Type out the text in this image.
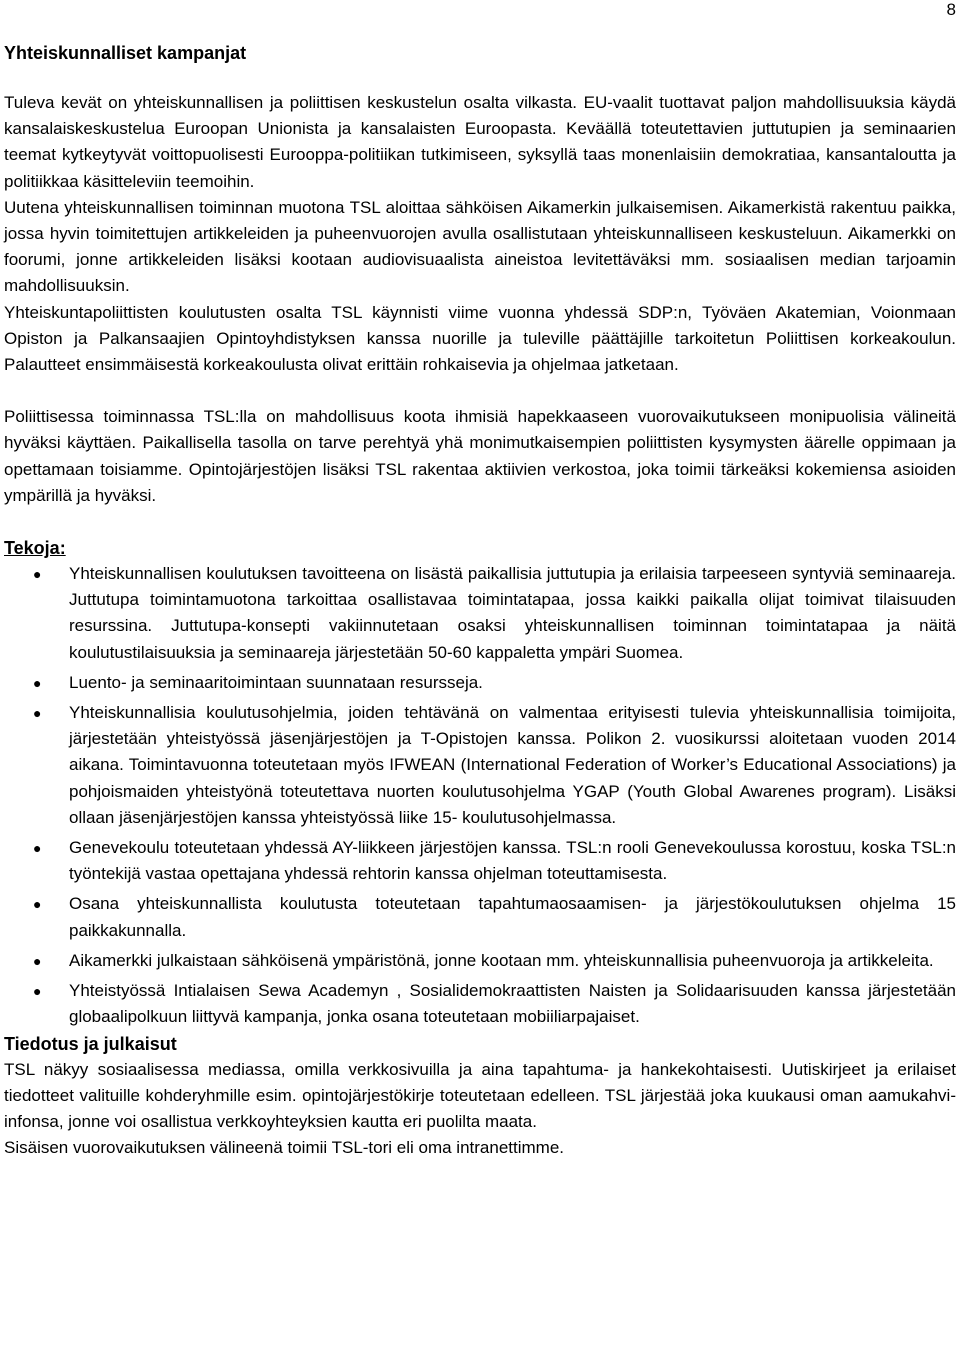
8
Yhteiskunnalliset kampanjat

Tuleva kevät on yhteiskunnallisen ja poliittisen keskustelun osalta vilkasta. EU-vaalit tuottavat paljon mahdollisuuksia käydä kansalaiskeskustelua Euroopan Unionista ja kansalaisten Euroopasta. Keväällä toteutettavien juttutupien ja seminaarien teemat kytkeytyvät voittopuolisesti Eurooppa-politiikan tutkimiseen, syksyllä taas monenlaisiin demokratiaa, kansantaloutta ja politiikkaa käsitteleviin teemoihin.

Uutena yhteiskunnallisen toiminnan muotona TSL aloittaa sähköisen Aikamerkin julkaisemisen. Aikamerkistä rakentuu paikka, jossa hyvin toimitettujen artikkeleiden ja puheenvuorojen avulla osallistutaan yhteiskunnalliseen keskusteluun. Aikamerkki on foorumi, jonne artikkeleiden lisäksi kootaan audiovisuaalista aineistoa levitettäväksi mm. sosiaalisen median tarjoamin mahdollisuuksin.

Yhteiskuntapoliittisten koulutusten osalta TSL käynnisti viime vuonna yhdessä SDP:n, Työväen Akatemian, Voionmaan Opiston ja Palkansaajien Opintoyhdistyksen kanssa nuorille ja tuleville päättäjille tarkoitetun Poliittisen korkeakoulun. Palautteet ensimmäisestä korkeakoulusta olivat erittäin rohkaisevia ja ohjelmaa jatketaan.

Poliittisessa toiminnassa TSL:lla on mahdollisuus koota ihmisiä hapekkaaseen vuorovaikutukseen monipuolisia välineitä hyväksi käyttäen. Paikallisella tasolla on tarve perehtyä yhä monimutkaisempien poliittisten kysymysten äärelle oppimaan ja opettamaan toisiamme. Opintojärjestöjen lisäksi TSL rakentaa aktiivien verkostoa, joka toimii tärkeäksi kokemiensa asioiden ympärillä ja hyväksi.

Tekoja:
● Yhteiskunnallisen koulutuksen tavoitteena on lisästä paikallisia juttutupia ja erilaisia tarpeeseen syntyviä seminaareja. Juttutupa toimintamuotona tarkoittaa osallistavaa toimintatapaa, jossa kaikki paikalla olijat toimivat tilaisuuden resurssina. Juttutupa-konsepti vakiinnutetaan osaksi yhteiskunnallisen toiminnan toimintatapaa ja näitä koulutustilaisuuksia ja seminaareja järjestetään 50-60 kappaletta ympäri Suomea.
● Luento- ja seminaaritoimintaan suunnataan resursseja.
● Yhteiskunnallisia koulutusohjelmia, joiden tehtävänä on valmentaa erityisesti tulevia yhteiskunnallisia toimijoita, järjestetään yhteistyössä jäsenjärjestöjen ja T-Opistojen kanssa. Polikon 2. vuosikurssi aloitetaan vuoden 2014 aikana. Toimintavuonna toteutetaan myös IFWEAN (International Federation of Worker’s Educational Associations) ja pohjoismaiden yhteistyönä toteutettava nuorten koulutusohjelma YGAP (Youth Global Awarenes program). Lisäksi ollaan jäsenjärjestöjen kanssa yhteistyössä liike 15- koulutusohjelmassa.
● Genevekoulu toteutetaan yhdessä AY-liikkeen järjestöjen kanssa. TSL:n rooli Genevekoulussa korostuu, koska TSL:n työntekijä vastaa opettajana yhdessä rehtorin kanssa ohjelman toteuttamisesta.
● Osana yhteiskunnallista koulutusta toteutetaan tapahtumaosaamisen- ja järjestökoulutuksen ohjelma 15 paikkakunnalla.
● Aikamerkki julkaistaan sähköisenä ympäristönä, jonne kootaan mm. yhteiskunnallisia puheenvuoroja ja artikkeleita.
● Yhteistyössä Intialaisen Sewa Academyn , Sosialidemokraattisten Naisten ja Solidaarisuuden kanssa järjestetään globaalipolkuun liittyvä kampanja, jonka osana toteutetaan mobiiliarpajaiset.
Tiedotus ja julkaisut

TSL näkyy sosiaalisessa mediassa, omilla verkkosivuilla ja aina tapahtuma- ja hankekohtaisesti. Uutiskirjeet ja erilaiset tiedotteet valituille kohderyhmille esim. opintojärjestökirje toteutetaan edelleen. TSL järjestää joka kuukausi oman aamukahvi-infonsa, jonne voi osallistua verkkoyhteyksien kautta eri puolilta maata.

Sisäisen vuorovaikutuksen välineenä toimii TSL-tori eli oma intranettimme.
